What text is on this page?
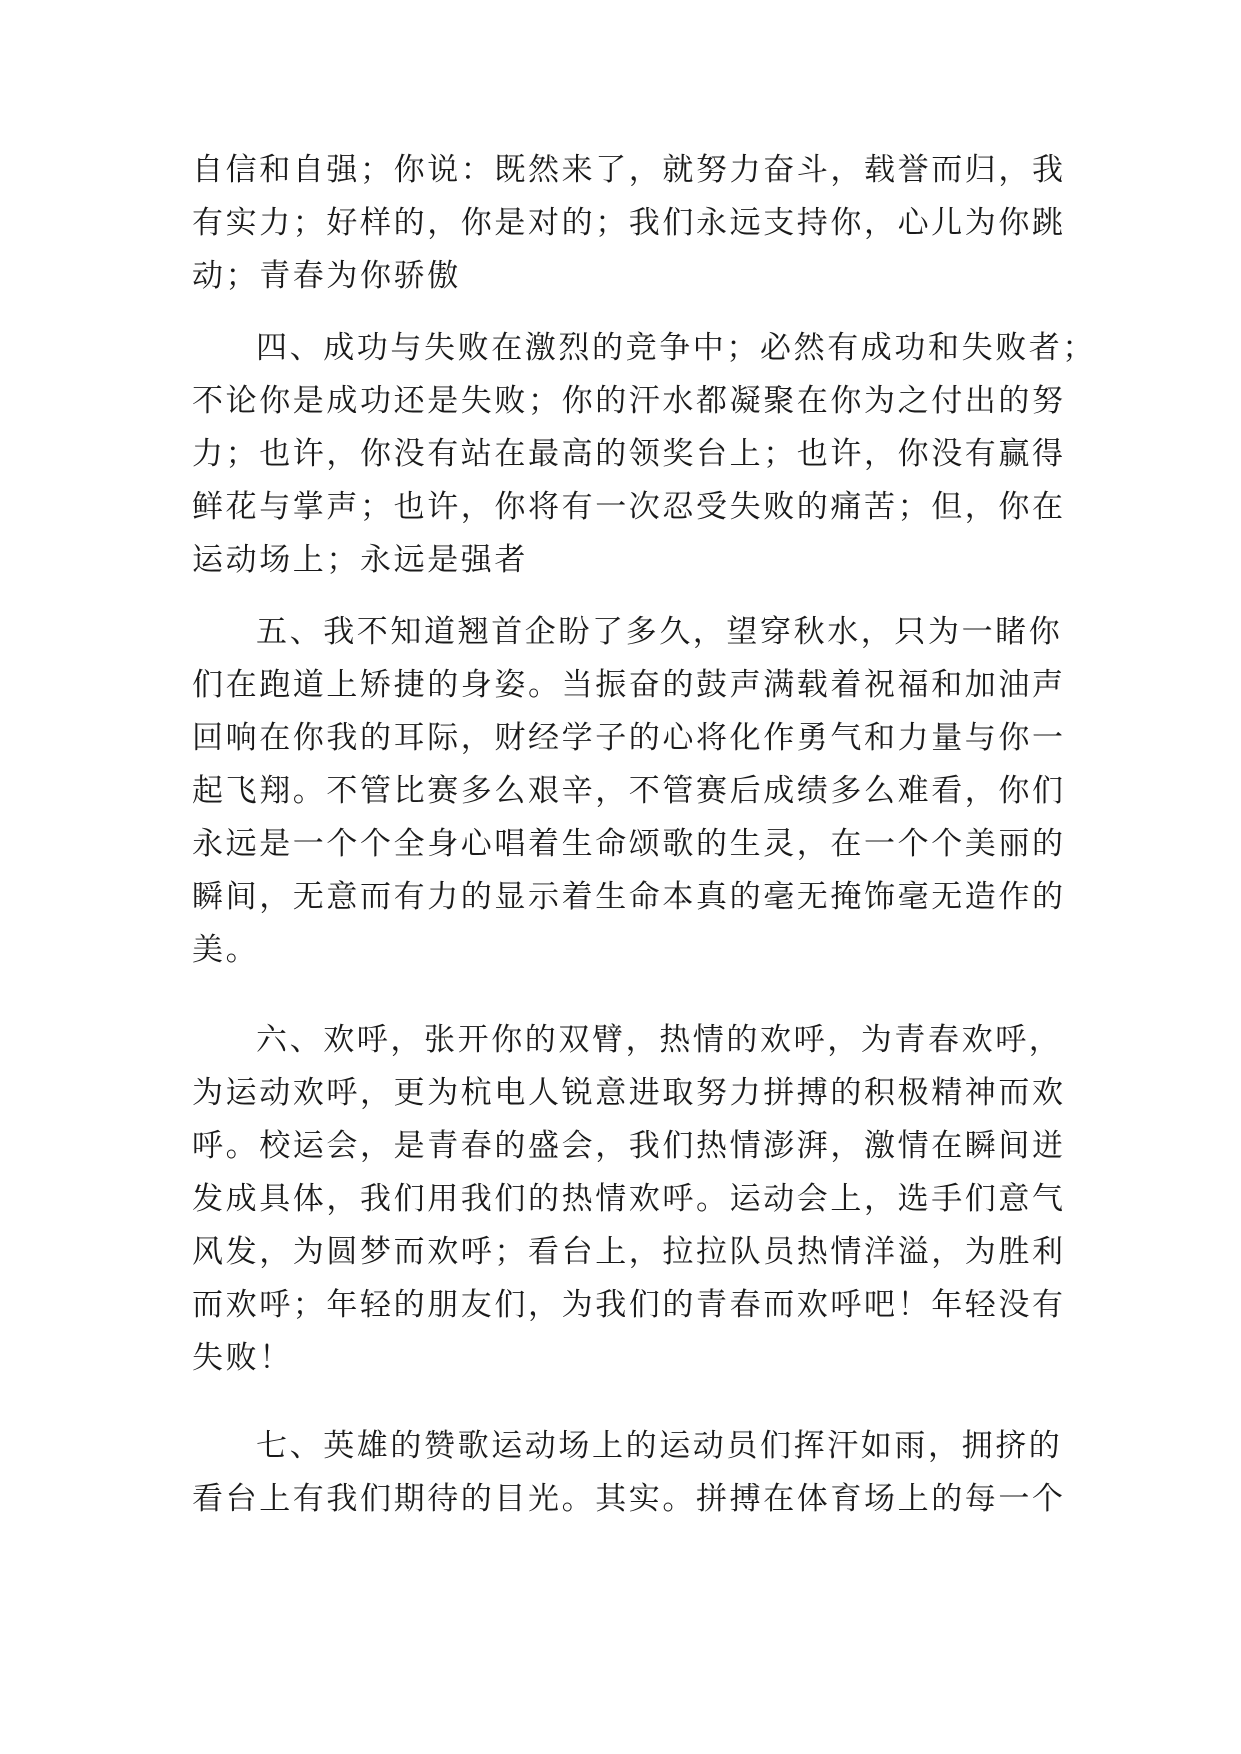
自信和自强；你说：既然来了，就努力奋斗，载誉而归，我
有实力；好样的，你是对的；我们永远支持你，心儿为你跳
动；青春为你骄傲
四、成功与失败在激烈的竞争中；必然有成功和失败者；
不论你是成功还是失败；你的汗水都凝聚在你为之付出的努
力；也许，你没有站在最高的领奖台上；也许，你没有赢得
鲜花与掌声；也许，你将有一次忍受失败的痛苦；但，你在
运动场上；永远是强者
五、我不知道翘首企盼了多久，望穿秋水，只为一睹你
们在跑道上矫捷的身姿。当振奋的鼓声满载着祝福和加油声
回响在你我的耳际，财经学子的心将化作勇气和力量与你一
起飞翔。不管比赛多么艰辛，不管赛后成绩多么难看，你们
永远是一个个全身心唱着生命颂歌的生灵，在一个个美丽的
瞬间，无意而有力的显示着生命本真的毫无掩饰毫无造作的
美。
六、欢呼，张开你的双臂，热情的欢呼，为青春欢呼，
为运动欢呼，更为杭电人锐意进取努力拼搏的积极精神而欢
呼。校运会，是青春的盛会，我们热情澎湃，激情在瞬间迸
发成具体，我们用我们的热情欢呼。运动会上，选手们意气
风发，为圆梦而欢呼；看台上，拉拉队员热情洋溢，为胜利
而欢呼；年轻的朋友们，为我们的青春而欢呼吧！年轻没有
失败！
七、英雄的赞歌运动场上的运动员们挥汗如雨，拥挤的
看台上有我们期待的目光。其实。拼搏在体育场上的每一个
